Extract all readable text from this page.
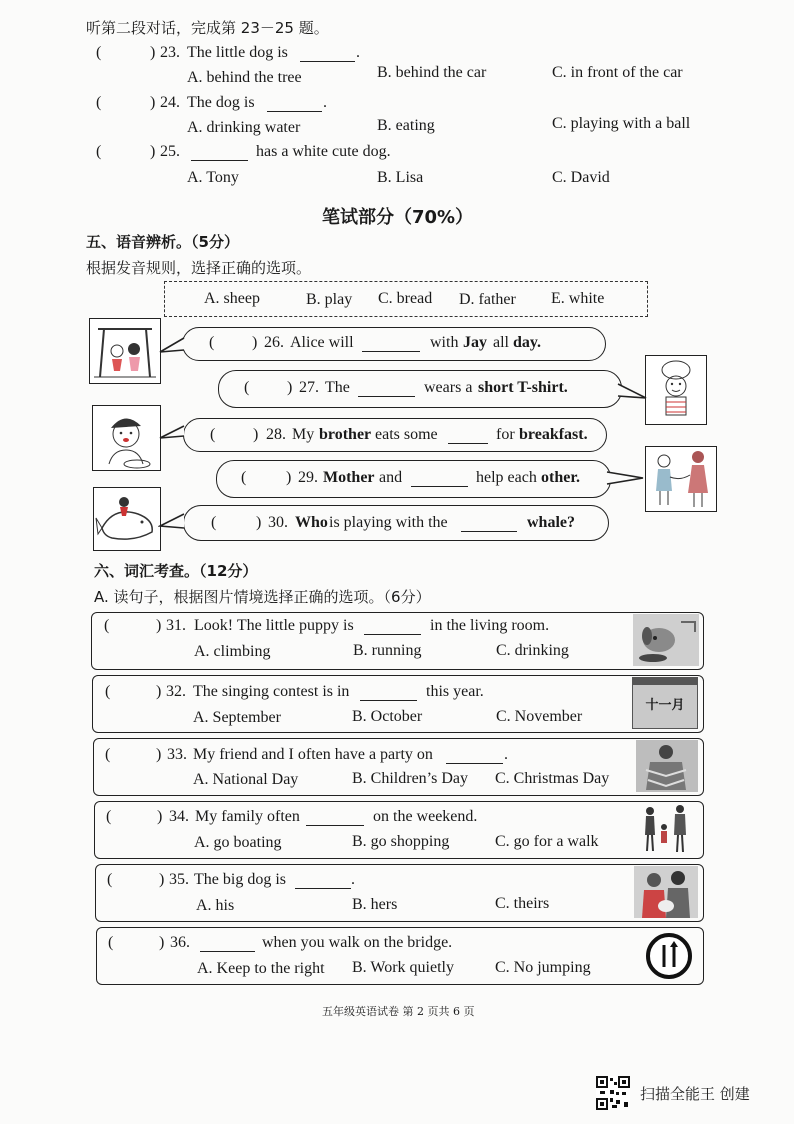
听第二段对话，完成第 23－25 题。
(	) 23. The little dog is	.
A. behind the tree	B. behind the car	C. in front of the car
(	) 24. The dog is	.
A. drinking water	B. eating	C. playing with a ball
(	) 25.	has a white cute dog.
A. Tony	B. Lisa	C. David
笔试部分（70%）
五、语音辨析。（5分）
根据发音规则，选择正确的选项。
A. sheep	B. play C. bread D. father E. white
( ) 26. Alice will	with Jay all day.
( ) 27. The	wears a short T-shirt.
( ) 28. My brother eats some	for breakfast.
( ) 29. Mother and	help each other.
( ) 30. Who is playing with the	whale?
六、词汇考查。（12分）
A. 读句子，根据图片情境选择正确的选项。（6分）
(	) 31. Look! The little puppy is	in the living room.
A. climbing	B. running	C. drinking
(	) 32. The singing contest is in	this year.
A. September	B. October	C. November
十一月
(	) 33. My friend and I often have a party on	.
A. National Day	B. Children’s Day C. Christmas Day
(	) 34. My family often	on the weekend.
A. go boating	B. go shopping	C. go for a walk
(	) 35. The big dog is	.
A. his	B. hers	C. theirs
(	) 36.	when you walk on the bridge.
A. Keep to the right B. Work quietly	C. No jumping
五年级英语试卷 第 2 页共 6 页
扫描全能王 创建
